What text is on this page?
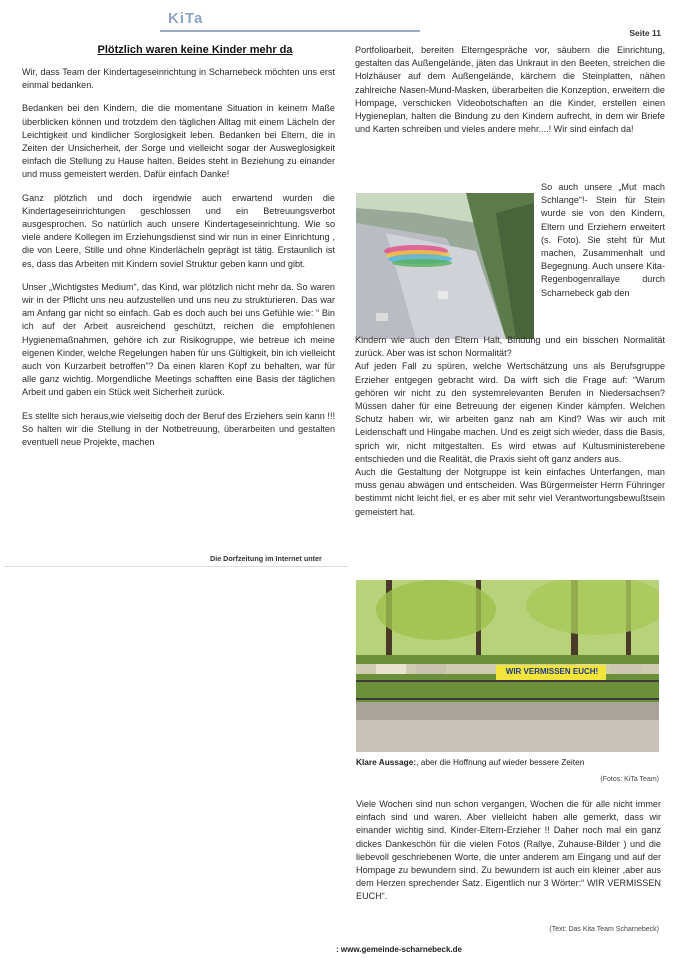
KiTa
Seite 11
Plötzlich waren keine Kinder mehr da

Wir, dass Team der Kindertageseinrichtung in Scharnebeck möchten uns erst einmal bedanken.

Bedanken bei den Kindern, die die momentane Situation in keinem Maße überblicken können und trotzdem den täglichen Alltag mit einem Lächeln der Leichtigkeit und kindlicher Sorglosigkeit leben. Bedanken bei Eltern, die in Zeiten der Unsicherheit, der Sorge und vielleicht sogar der Ausweglosigkeit einfach die Stellung zu Hause halten. Beides steht in Beziehung zu einander und muss gemeistert werden. Dafür einfach Danke!

Ganz plötzlich und doch irgendwie auch erwartend wurden die Kindertageseinrichtungen geschlossen und ein Betreuungsverbot ausgesprochen. So natürlich auch unsere Kindertageseinrichtung. Wie so viele andere Kollegen im Erziehungsdienst sind wir nun in einer Einrichtung , die von Leere, Stille und ohne Kinderlächeln geprägt ist tätig. Erstaunlich ist es, dass das Arbeiten mit Kindern soviel Struktur geben kann und gibt.

Unser „Wichtigstes Medium“, das Kind, war plötzlich nicht mehr da. So waren wir in der Pflicht uns neu aufzustellen und uns neu zu strukturieren. Das war am Anfang gar nicht so einfach. Gab es doch auch bei uns Gefühle wie: “ Bin ich auf der Arbeit ausreichend geschützt, reichen die empfohlenen Hygienemaßnahmen, gehöre ich zur Risikogruppe, wie betreue ich meine eigenen Kinder, welche Regelungen haben für uns Gültigkeit, bin ich vielleicht auch von Kurzarbeit betroffen”? Da einen klaren Kopf zu behalten, war für alle ganz wichtig. Morgendliche Meetings schafften eine Basis der täglichen Arbeit und gaben ein Stück weit Sicherheit zurück.

Es stellte sich heraus,wie vielseitig doch der Beruf des Erziehers sein kann !!! So halten wir die Stellung in der Notbetreuung, überarbeiten und gestalten eventuell neue Projekte, machen

Die Dorfzeitung im Internet unter

Portfolioarbeit, bereiten Elterngespräche vor, säubern die Einrichtung, gestalten das Außengelände, jäten das Unkraut in den Beeten, streichen die Holzhäuser auf dem Außengelände, kärchern die Steinplatten, nähen zahlreiche Nasen-Mund-Masken, überarbeiten die Konzeption, erweitern die Hompage, verschicken Videobotschaften an die Kinder, erstellen einen Hygieneplan, halten die Bindung zu den Kindern aufrecht, in dem wir Briefe und Karten schreiben und vieles andere mehr....! Wir sind einfach da!

So auch unsere „Mut mach Schlange“!- Stein für Stein wurde sie von den Kindern, Eltern und Erziehern erweitert (s. Foto). Sie steht für Mut machen, Zusammenhalt und Begegnung. Auch unsere Kita-Regenbogenrallaye durch Scharnebeck gab den

Kindern wie auch den Eltern Halt, Bindung und ein bisschen Normalität zurück. Aber was ist schon Normalität?

Auf jeden Fall zu spüren, welche Wertschätzung uns als Berufsgruppe Erzieher entgegen gebracht wird. Da wirft sich die Frage auf: “Warum gehören wir nicht zu den systemrelevanten Berufen in Niedersachsen? Müssen daher für eine Betreuung der eigenen Kinder kämpfen. Welchen Schutz haben wir, wir arbeiten ganz nah am Kind? Was wir auch mit Leidenschaft und Hingabe machen. Und es zeigt sich wieder, dass die Basis, sprich wir, nicht mitgestalten. Es wird etwas auf Kultusministerebene entschieden und die Realität, die Praxis sieht oft ganz anders aus.

Auch die Gestaltung der Notgruppe ist kein einfaches Unterfangen, man muss genau abwägen und entscheiden. Was Bürgermeister Herrn Führinger bestimmt nicht leicht fiel, er es aber mit sehr viel Verantwortungsbewußtsein gemeistert hat.

WIR VERMISSEN EUCH!
Klare Aussage:, aber die Hoffnung auf wieder bessere Zeiten
(Fotos: KiTa Team)

Viele Wochen sind nun schon vergangen, Wochen die für alle nicht immer einfach sind und waren. Aber vielleicht haben alle gemerkt, dass wir einander wichtig sind. Kinder-Eltern-Erzieher !! Daher noch mal ein ganz dickes Dankeschön für die vielen Fotos (Rallye, Zuhause-Bilder ) und die liebevoll geschriebenen Worte, die unter anderem am Eingang und auf der Hompage zu bewundern sind. Zu bewundern ist auch ein kleiner ,aber aus dem Herzen sprechender Satz. Eigentlich nur 3 Wörter:“ WIR VERMISSEN EUCH“.

(Text: Das Kita Team Scharnebeck)
: www.gemeinde-scharnebeck.de
